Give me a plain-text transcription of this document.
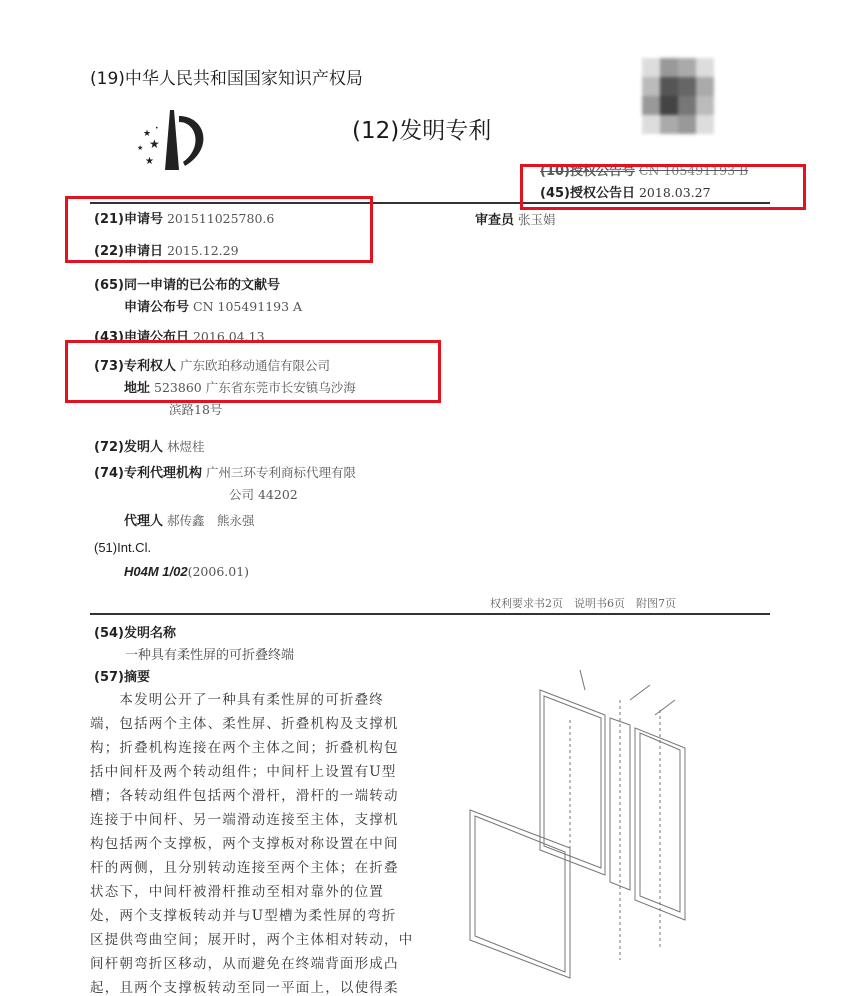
(19)中华人民共和国国家知识产权局
★
★
★
★
•	(12)发明专利
(10)授权公告号 CN 105491193 B
(45)授权公告日 2018.03.27
审查员 张玉娟
(21)申请号 201511025780.6
(22)申请日 2015.12.29
(65)同一申请的已公布的文献号
申请公布号 CN 105491193 A
(43)申请公布日 2016.04.13
(73)专利权人 广东欧珀移动通信有限公司
地址 523860 广东省东莞市长安镇乌沙海
滨路18号
(72)发明人 林煜桂
(74)专利代理机构 广州三环专利商标代理有限
公司 44202
代理人 郝传鑫　熊永强
(51)Int.Cl.
H04M 1/02(2006.01)
权利要求书2页　说明书6页　附图7页
(54)发明名称
一种具有柔性屏的可折叠终端
(57)摘要
　　本发明公开了一种具有柔性屏的可折叠终
端，包括两个主体、柔性屏、折叠机构及支撑机
构；折叠机构连接在两个主体之间；折叠机构包
括中间杆及两个转动组件；中间杆上设置有U型
槽；各转动组件包括两个滑杆，滑杆的一端转动
连接于中间杆、另一端滑动连接至主体，支撑机
构包括两个支撑板，两个支撑板对称设置在中间
杆的两侧，且分别转动连接至两个主体；在折叠
状态下，中间杆被滑杆推动至相对靠外的位置
处，两个支撑板转动并与U型槽为柔性屏的弯折
区提供弯曲空间；展开时，两个主体相对转动，中
间杆朝弯折区移动，从而避免在终端背面形成凸
起，且两个支撑板转动至同一平面上，以使得柔
